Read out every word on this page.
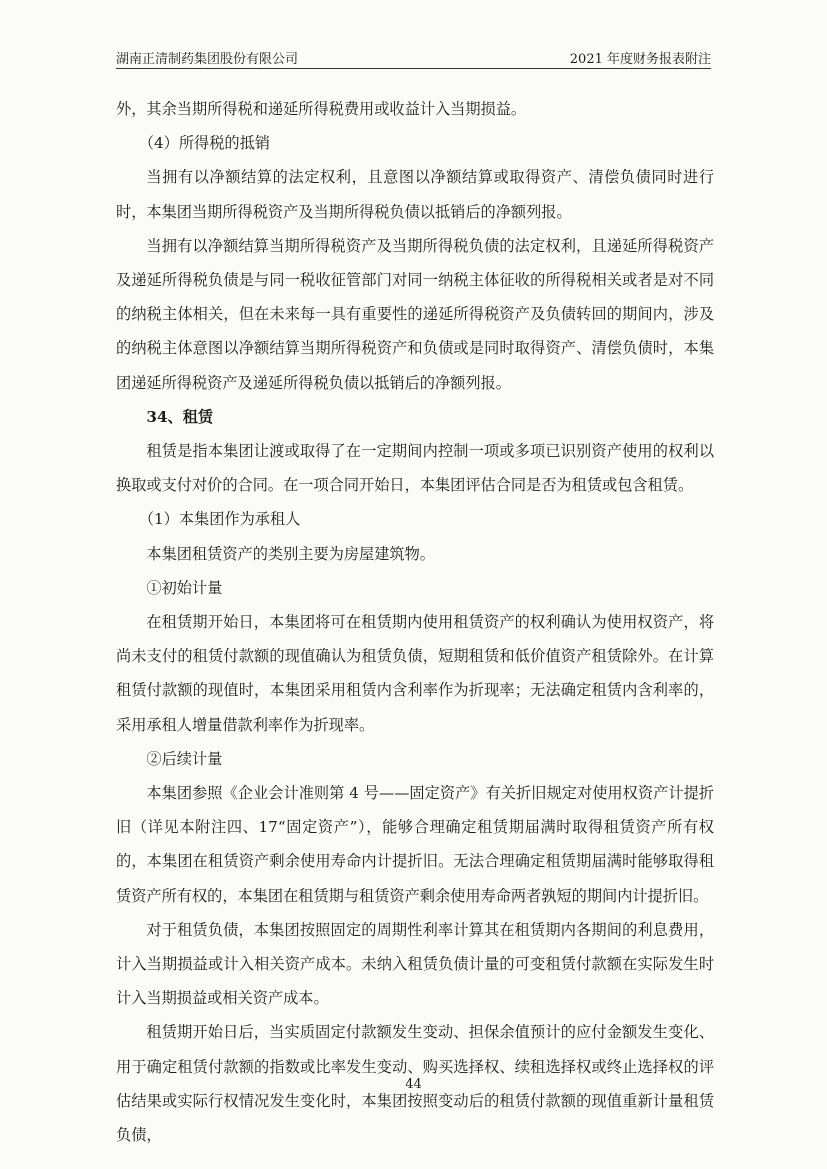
湖南正清制药集团股份有限公司	2021 年度财务报表附注

外，其余当期所得税和递延所得税费用或收益计入当期损益。

（4）所得税的抵销

当拥有以净额结算的法定权利，且意图以净额结算或取得资产、清偿负债同时进行时，本集团当期所得税资产及当期所得税负债以抵销后的净额列报。

当拥有以净额结算当期所得税资产及当期所得税负债的法定权利，且递延所得税资产及递延所得税负债是与同一税收征管部门对同一纳税主体征收的所得税相关或者是对不同的纳税主体相关，但在未来每一具有重要性的递延所得税资产及负债转回的期间内，涉及的纳税主体意图以净额结算当期所得税资产和负债或是同时取得资产、清偿负债时，本集团递延所得税资产及递延所得税负债以抵销后的净额列报。

34、租赁

租赁是指本集团让渡或取得了在一定期间内控制一项或多项已识别资产使用的权利以换取或支付对价的合同。在一项合同开始日，本集团评估合同是否为租赁或包含租赁。

（1）本集团作为承租人

本集团租赁资产的类别主要为房屋建筑物。

①初始计量

在租赁期开始日，本集团将可在租赁期内使用租赁资产的权利确认为使用权资产，将尚未支付的租赁付款额的现值确认为租赁负债，短期租赁和低价值资产租赁除外。在计算租赁付款额的现值时，本集团采用租赁内含利率作为折现率；无法确定租赁内含利率的，采用承租人增量借款利率作为折现率。

②后续计量

本集团参照《企业会计准则第 4 号——固定资产》有关折旧规定对使用权资产计提折旧（详见本附注四、17“固定资产”），能够合理确定租赁期届满时取得租赁资产所有权的，本集团在租赁资产剩余使用寿命内计提折旧。无法合理确定租赁期届满时能够取得租赁资产所有权的，本集团在租赁期与租赁资产剩余使用寿命两者孰短的期间内计提折旧。

对于租赁负债，本集团按照固定的周期性利率计算其在租赁期内各期间的利息费用，计入当期损益或计入相关资产成本。未纳入租赁负债计量的可变租赁付款额在实际发生时计入当期损益或相关资产成本。

租赁期开始日后，当实质固定付款额发生变动、担保余值预计的应付金额发生变化、用于确定租赁付款额的指数或比率发生变动、购买选择权、续租选择权或终止选择权的评估结果或实际行权情况发生变化时，本集团按照变动后的租赁付款额的现值重新计量租赁负债，

44
